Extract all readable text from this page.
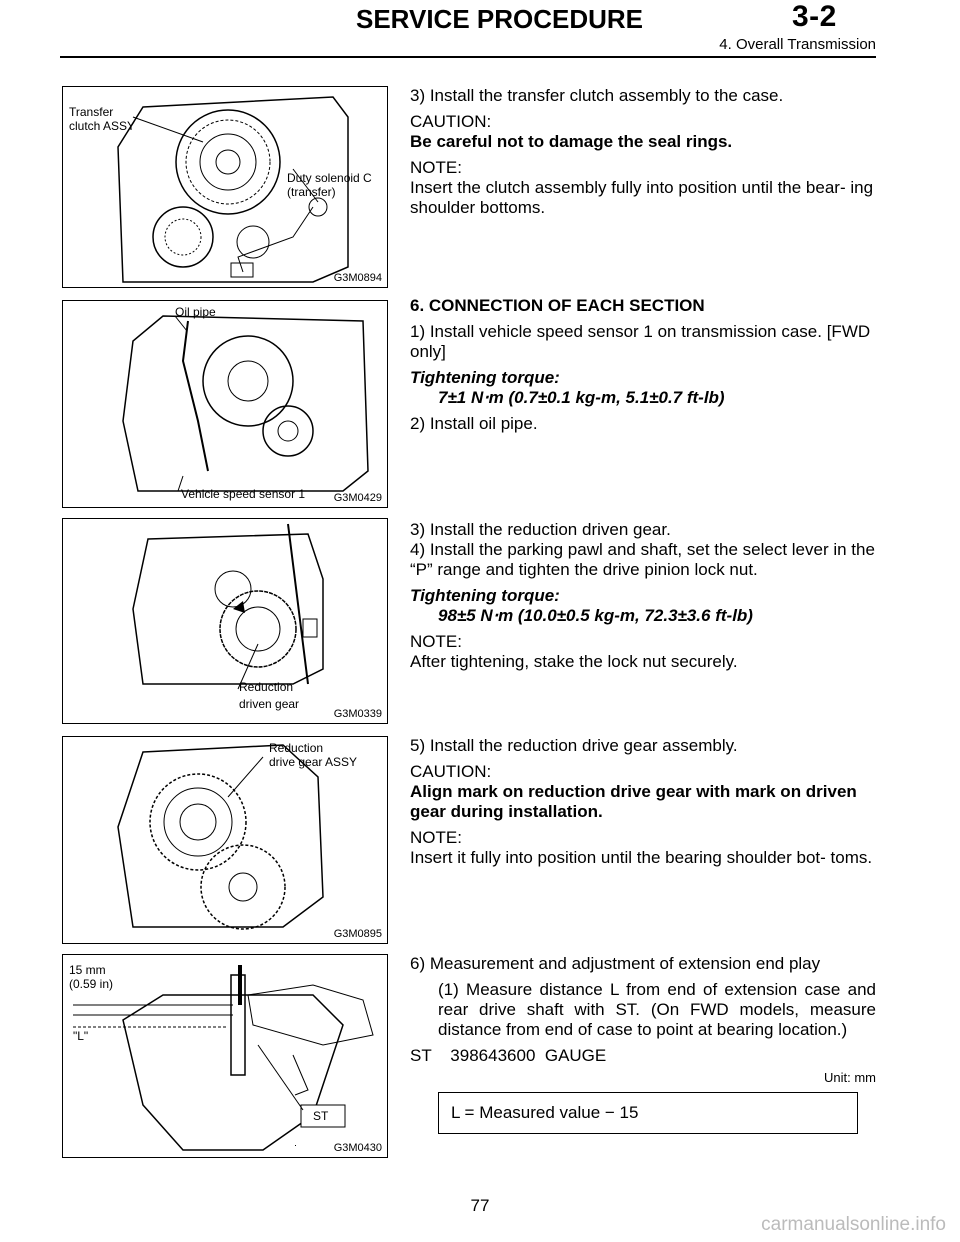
SERVICE PROCEDURE	3-2
4. Overall Transmission
Transfer
clutch ASSY
Duty solenoid C
(transfer)
G3M0894
Oil pipe
Vehicle speed sensor 1	G3M0429
Reduction
driven gear
G3M0339
Reduction
drive gear ASSY
G3M0895
15 mm
(0.59 in)
"L"
ST
G3M0430

3) Install the transfer clutch assembly to the case.

CAUTION:

Be careful not to damage the seal rings.

NOTE:

Insert the clutch assembly fully into position until the bear- ing shoulder bottoms.

6. CONNECTION OF EACH SECTION

1) Install vehicle speed sensor 1 on transmission case. [FWD only]

Tightening torque:

7±1 N⋅m (0.7±0.1 kg-m, 5.1±0.7 ft-lb)

2) Install oil pipe.

3) Install the reduction driven gear.

4) Install the parking pawl and shaft, set the select lever in the “P” range and tighten the drive pinion lock nut.

Tightening torque:

98±5 N⋅m (10.0±0.5 kg-m, 72.3±3.6 ft-lb)

NOTE:

After tightening, stake the lock nut securely.

5) Install the reduction drive gear assembly.

CAUTION:

Align mark on reduction drive gear with mark on driven gear during installation.

NOTE:

Insert it fully into position until the bearing shoulder bot- toms.

6) Measurement and adjustment of extension end play

(1) Measure distance L from end of extension case and rear drive shaft with ST. (On FWD models, measure distance from end of case to point at bearing location.)

ST    398643600  GAUGE

Unit: mm
L = Measured value − 15
77
carmanualsonline.info
